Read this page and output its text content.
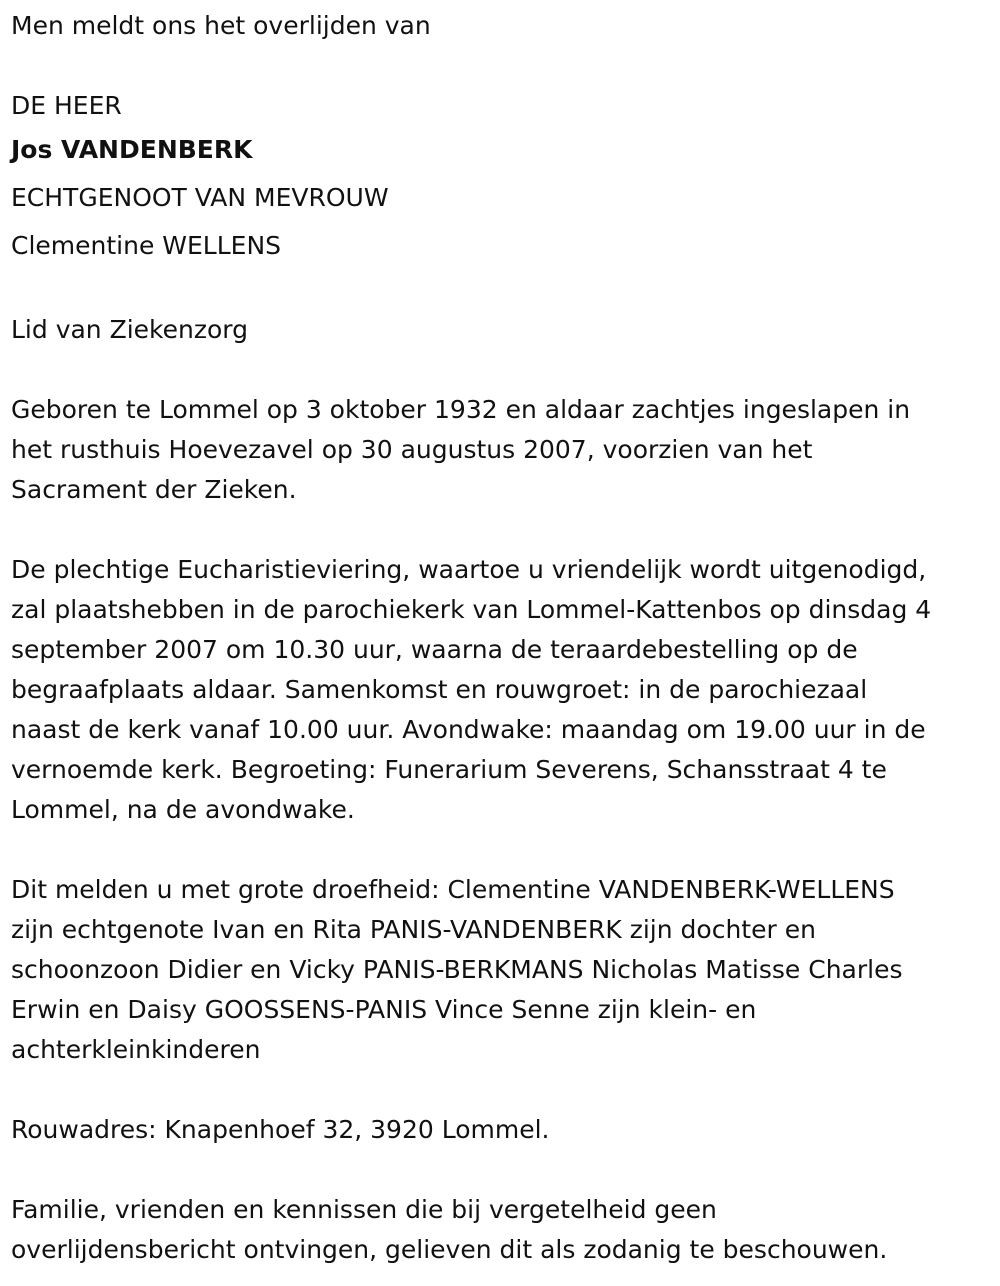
Men meldt ons het overlijden van

DE HEER

Jos VANDENBERK

ECHTGENOOT VAN MEVROUW

Clementine WELLENS

Lid van Ziekenzorg

Geboren te Lommel op 3 oktober 1932 en aldaar zachtjes ingeslapen in

het rusthuis Hoevezavel op 30 augustus 2007, voorzien van het

Sacrament der Zieken.

De plechtige Eucharistieviering, waartoe u vriendelijk wordt uitgenodigd,

zal plaatshebben in de parochiekerk van Lommel-Kattenbos op dinsdag 4

september 2007 om 10.30 uur, waarna de teraardebestelling op de

begraafplaats aldaar. Samenkomst en rouwgroet: in de parochiezaal

naast de kerk vanaf 10.00 uur. Avondwake: maandag om 19.00 uur in de

vernoemde kerk. Begroeting: Funerarium Severens, Schansstraat 4 te

Lommel, na de avondwake.

Dit melden u met grote droefheid: Clementine VANDENBERK-WELLENS

zijn echtgenote Ivan en Rita PANIS-VANDENBERK zijn dochter en

schoonzoon Didier en Vicky PANIS-BERKMANS Nicholas Matisse Charles

Erwin en Daisy GOOSSENS-PANIS Vince Senne zijn klein- en

achterkleinkinderen

Rouwadres: Knapenhoef 32, 3920 Lommel.

Familie, vrienden en kennissen die bij vergetelheid geen

overlijdensbericht ontvingen, gelieven dit als zodanig te beschouwen.
